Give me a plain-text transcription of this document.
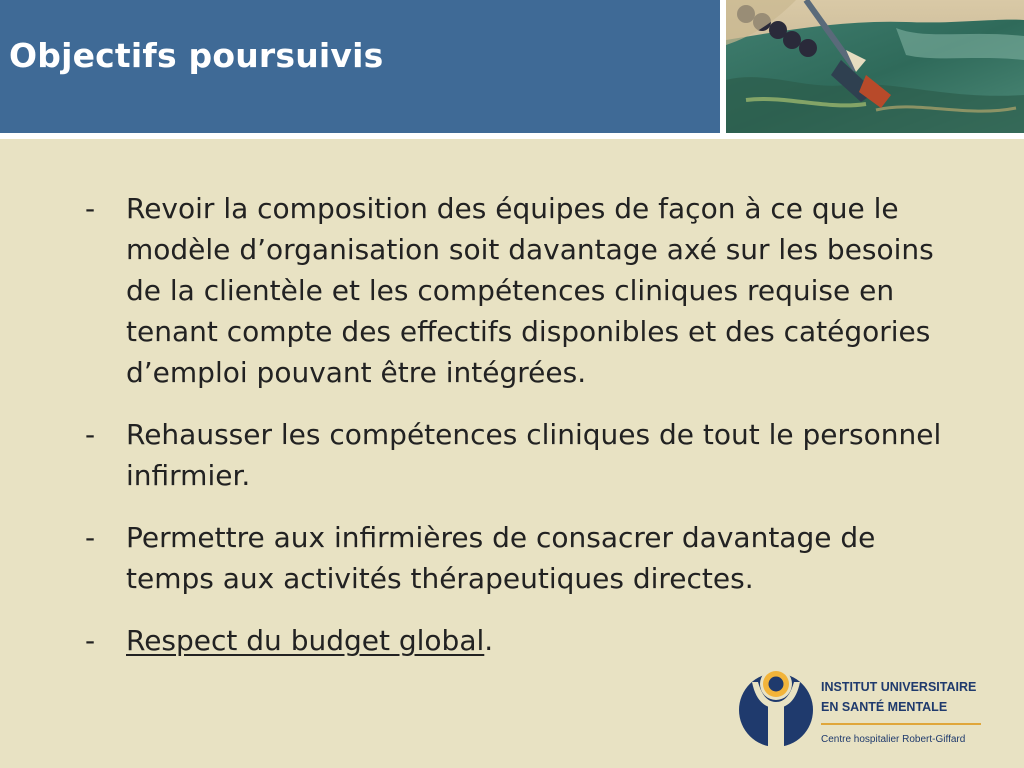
Objectifs poursuivis
- Revoir la composition des équipes de façon à ce que le modèle d’organisation soit davantage axé sur les besoins de la clientèle et les compétences cliniques requise en tenant compte des effectifs disponibles et des catégories d’emploi pouvant être intégrées.
- Rehausser les compétences cliniques de tout le personnel infirmier.
- Permettre aux infirmières de consacrer davantage de temps aux activités thérapeutiques directes.
- Respect du budget global.
INSTITUT UNIVERSITAIRE
EN SANTÉ MENTALE
Centre hospitalier Robert-Giffard
